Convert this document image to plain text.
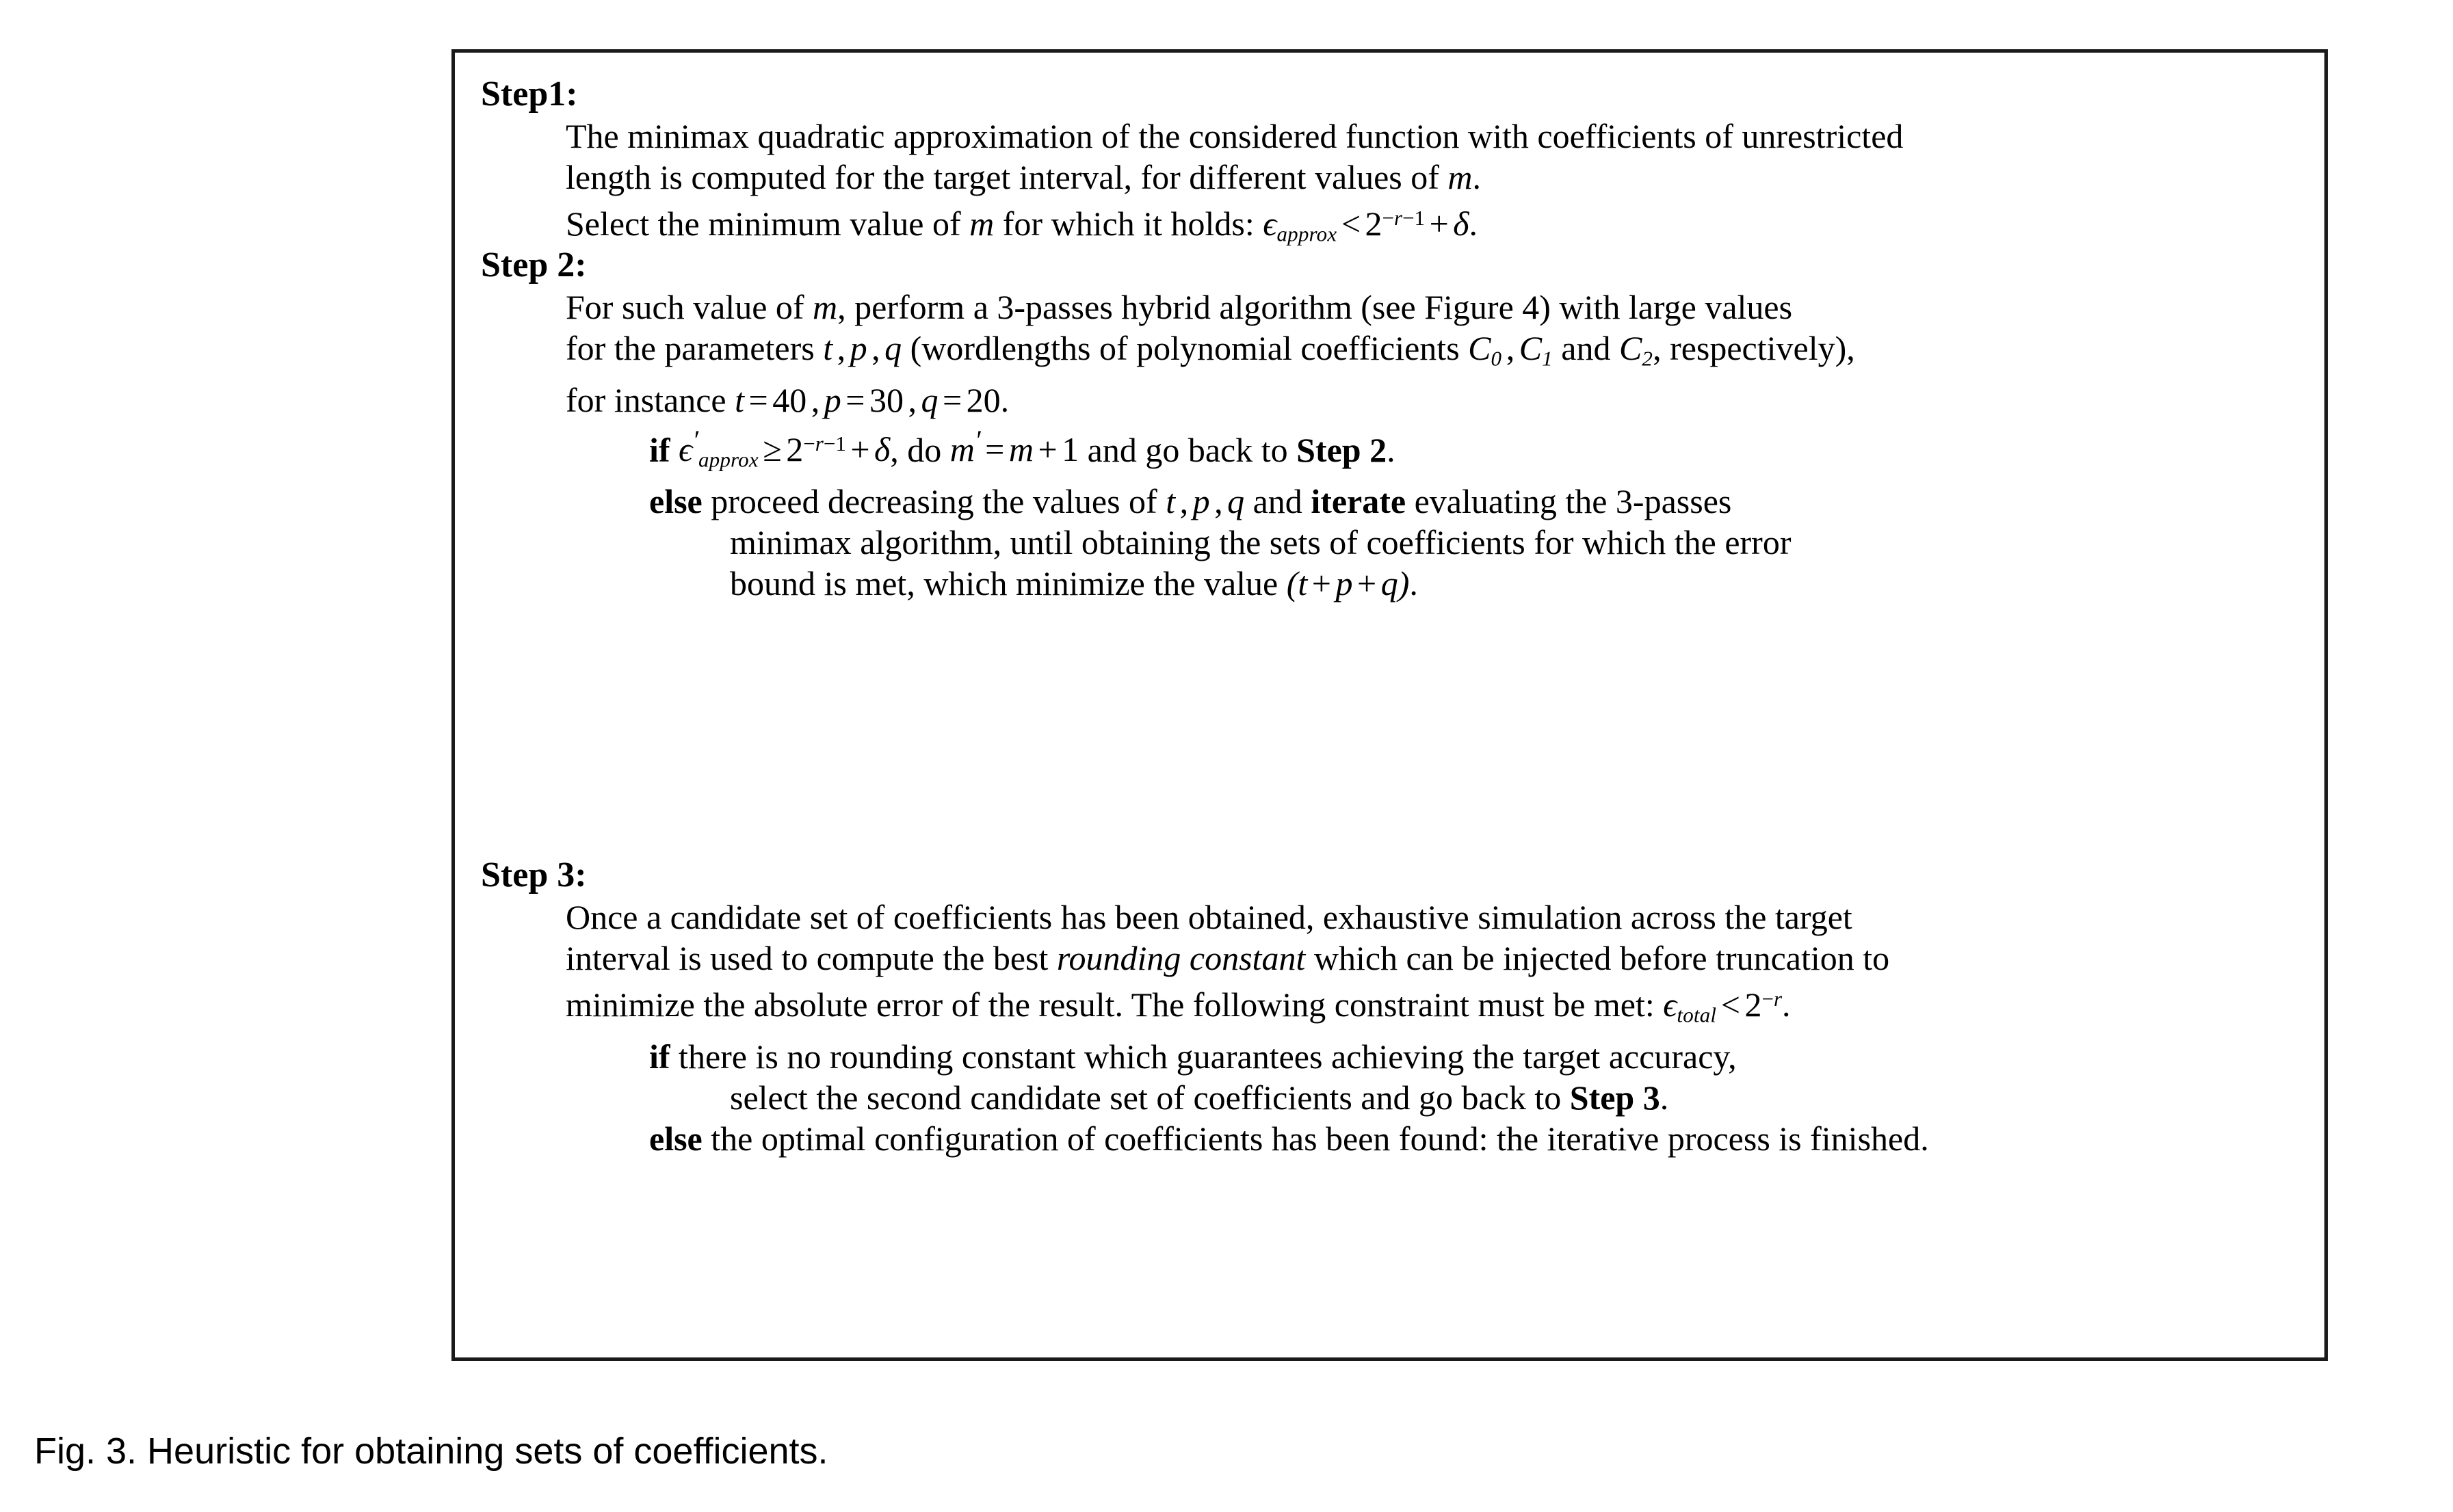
Step1:
The minimax quadratic approximation of the considered function with coefficients of unrestricted
length is computed for the target interval, for different values of m.
Select the minimum value of m for which it holds: $\epsilon_{approx} < 2^{-r-1} + \delta$.
Step 2:
For such value of m, perform a 3-passes hybrid algorithm (see Figure 4) with large values
for the parameters t , p , q (wordlengths of polynomial coefficients $C_0$ , $C_1$ and $C_2$, respectively),
for instance t = 40 , p = 30 , q = 20.
if $\epsilon'_{approx} \ge 2^{-r-1} + \delta$, do m′ = m + 1 and go back to Step 2.
else proceed decreasing the values of t , p , q and iterate evaluating the 3-passes
minimax algorithm, until obtaining the sets of coefficients for which the error
bound is met, which minimize the value (t + p + q).
Step 3:
Once a candidate set of coefficients has been obtained, exhaustive simulation across the target
interval is used to compute the best rounding constant which can be injected before truncation to
minimize the absolute error of the result. The following constraint must be met: $\epsilon_{total} < 2^{-r}$.
if there is no rounding constant which guarantees achieving the target accuracy,
select the second candidate set of coefficients and go back to Step 3.
else the optimal configuration of coefficients has been found: the iterative process is finished.
Fig. 3. Heuristic for obtaining sets of coefficients.
